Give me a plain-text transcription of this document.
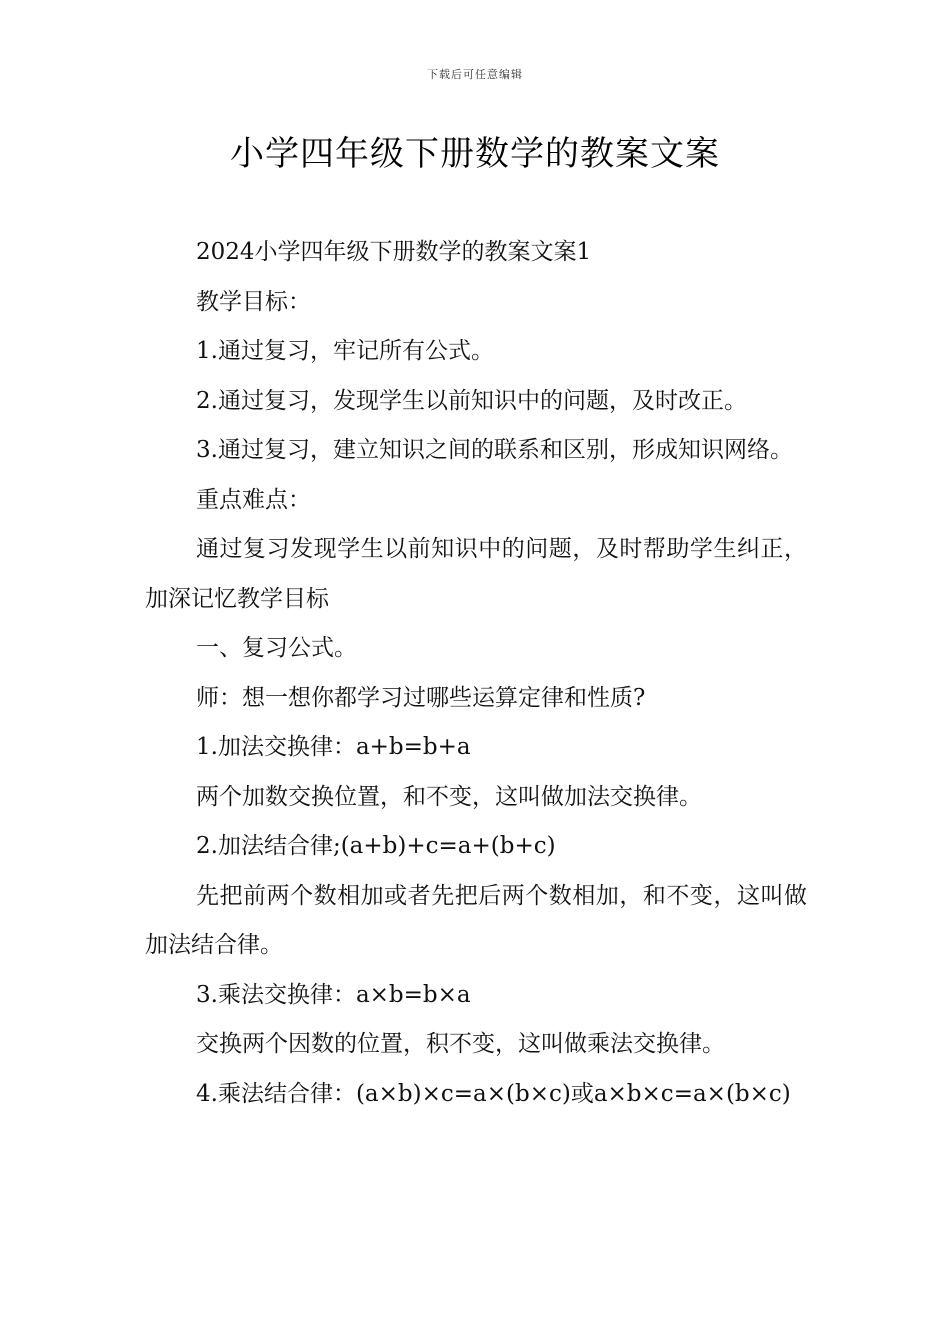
下载后可任意编辑
小学四年级下册数学的教案文案

2024小学四年级下册数学的教案文案1

教学目标：

1.通过复习，牢记所有公式。

2.通过复习，发现学生以前知识中的问题，及时改正。

3.通过复习，建立知识之间的联系和区别，形成知识网络。

重点难点：

通过复习发现学生以前知识中的问题，及时帮助学生纠正，加深记忆教学目标

一、复习公式。

师：想一想你都学习过哪些运算定律和性质?

1.加法交换律：a+b=b+a

两个加数交换位置，和不变，这叫做加法交换律。

2.加法结合律;(a+b)+c=a+(b+c)

先把前两个数相加或者先把后两个数相加，和不变，这叫做加法结合律。

3.乘法交换律：a×b=b×a

交换两个因数的位置，积不变，这叫做乘法交换律。

4.乘法结合律：(a×b)×c=a×(b×c)或a×b×c=a×(b×c)
